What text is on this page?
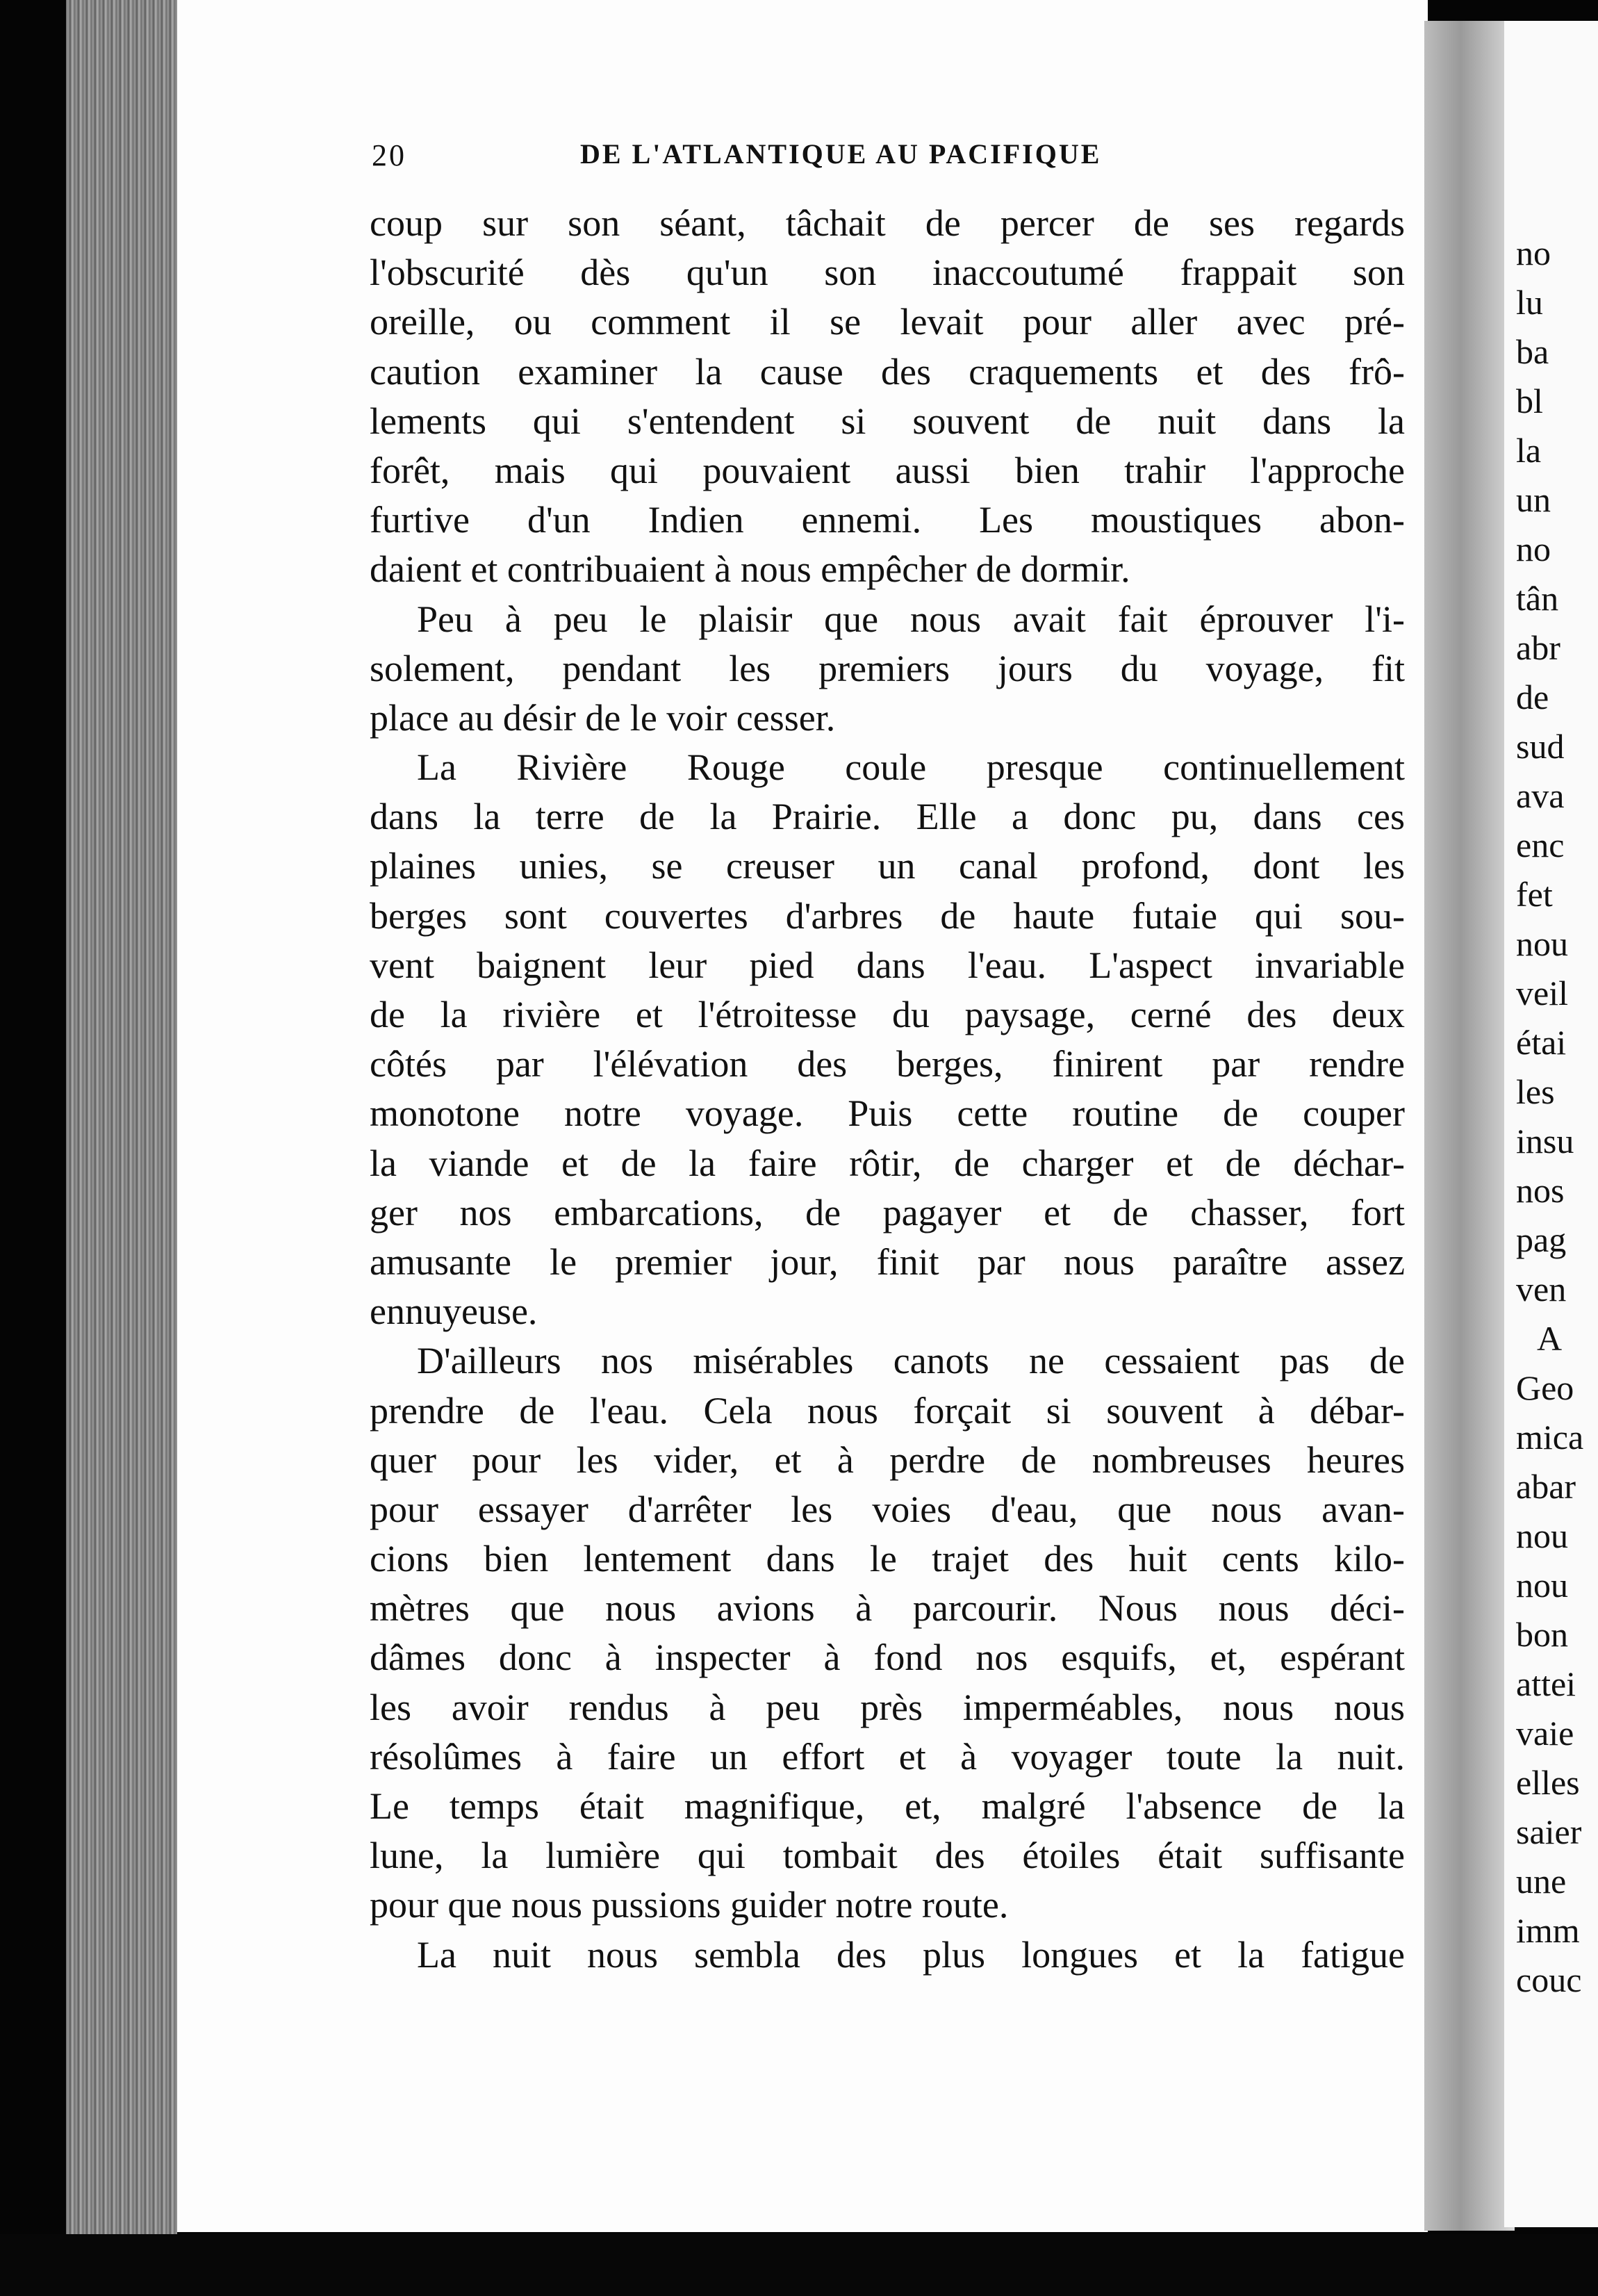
20	DE L'ATLANTIQUE AU PACIFIQUE
coup sur son séant, tâchait de percer de ses regards
l'obscurité dès qu'un son inaccoutumé frappait son
oreille, ou comment il se levait pour aller avec pré-
caution examiner la cause des craquements et des frô-
lements qui s'entendent si souvent de nuit dans la
forêt, mais qui pouvaient aussi bien trahir l'approche
furtive d'un Indien ennemi. Les moustiques abon-
daient et contribuaient à nous empêcher de dormir.
Peu à peu le plaisir que nous avait fait éprouver l'i-
solement, pendant les premiers jours du voyage, fit
place au désir de le voir cesser.
La Rivière Rouge coule presque continuellement
dans la terre de la Prairie. Elle a donc pu, dans ces
plaines unies, se creuser un canal profond, dont les
berges sont couvertes d'arbres de haute futaie qui sou-
vent baignent leur pied dans l'eau. L'aspect invariable
de la rivière et l'étroitesse du paysage, cerné des deux
côtés par l'élévation des berges, finirent par rendre
monotone notre voyage. Puis cette routine de couper
la viande et de la faire rôtir, de charger et de déchar-
ger nos embarcations, de pagayer et de chasser, fort
amusante le premier jour, finit par nous paraître assez
ennuyeuse.
D'ailleurs nos misérables canots ne cessaient pas de
prendre de l'eau. Cela nous forçait si souvent à débar-
quer pour les vider, et à perdre de nombreuses heures
pour essayer d'arrêter les voies d'eau, que nous avan-
cions bien lentement dans le trajet des huit cents kilo-
mètres que nous avions à parcourir. Nous nous déci-
dâmes donc à inspecter à fond nos esquifs, et, espérant
les avoir rendus à peu près imperméables, nous nous
résolûmes à faire un effort et à voyager toute la nuit.
Le temps était magnifique, et, malgré l'absence de la
lune, la lumière qui tombait des étoiles était suffisante
pour que nous pussions guider notre route.
La nuit nous sembla des plus longues et la fatigue
no
lu
ba
bl
la
un
no
tân
abr
de
sud
ava
enc
fet
nou
veil
étai
les
insu
nos
pag
ven
A
Geo
mica
abar
nou
nou
bon
attei
vaie
elles
saier
une
imm
couc
